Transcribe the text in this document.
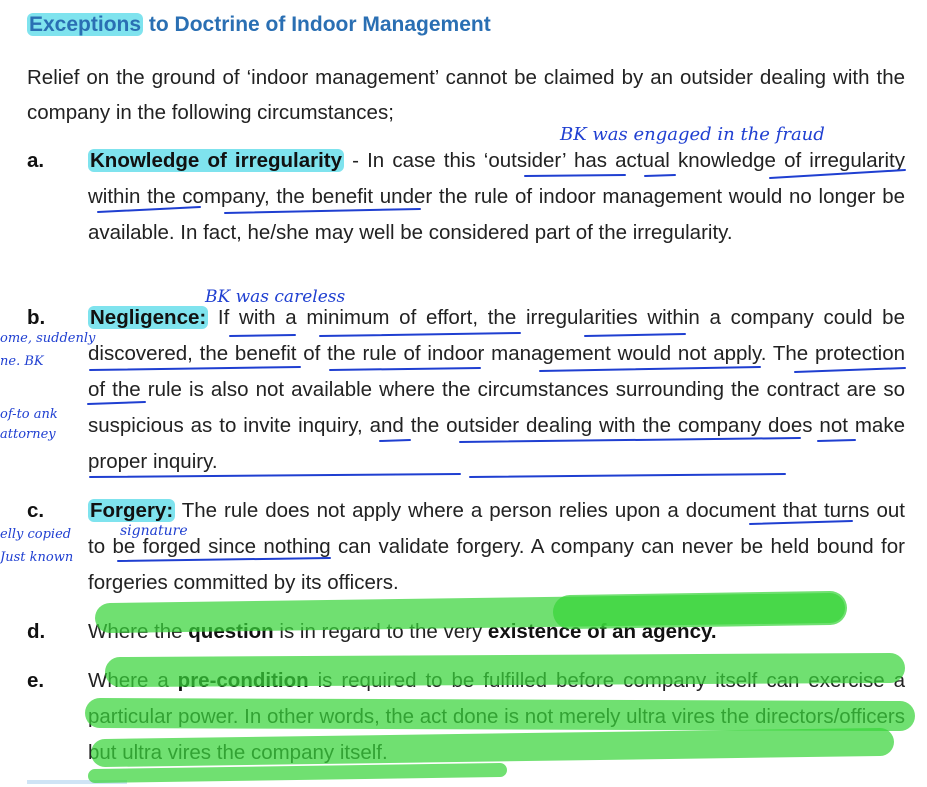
Exceptions to Doctrine of Indoor Management
Relief on the ground of ‘indoor management’ cannot be claimed by an outsider dealing with the company in the following circumstances;
a.	Knowledge of irregularity - In case this ‘outsider’ has actual knowledge of irregularity within the company, the benefit under the rule of indoor management would no longer be available. In fact, he/she may well be considered part of the irregularity.
b.	Negligence: If with a minimum of effort, the irregularities within a company could be discovered, the benefit of the rule of indoor management would not apply. The protection of the rule is also not available where the circumstances surrounding the contract are so suspicious as to invite inquiry, and the outsider dealing with the company does not make proper inquiry.
c.	Forgery: The rule does not apply where a person relies upon a document that turns out to be forged since nothing can validate forgery. A company can never be held bound for forgeries committed by its officers.
d.	Where the question is in regard to the very existence of an agency.
e.	Where a pre-condition is required to be fulfilled before company itself can exercise a particular power. In other words, the act done is not merely ultra vires the directors/officers but ultra vires the company itself.
BK was engaged in the fraud
BK was careless
ome, suddenly
ne. BK
of-to ank
attorney
signature
elly copied
Just known
